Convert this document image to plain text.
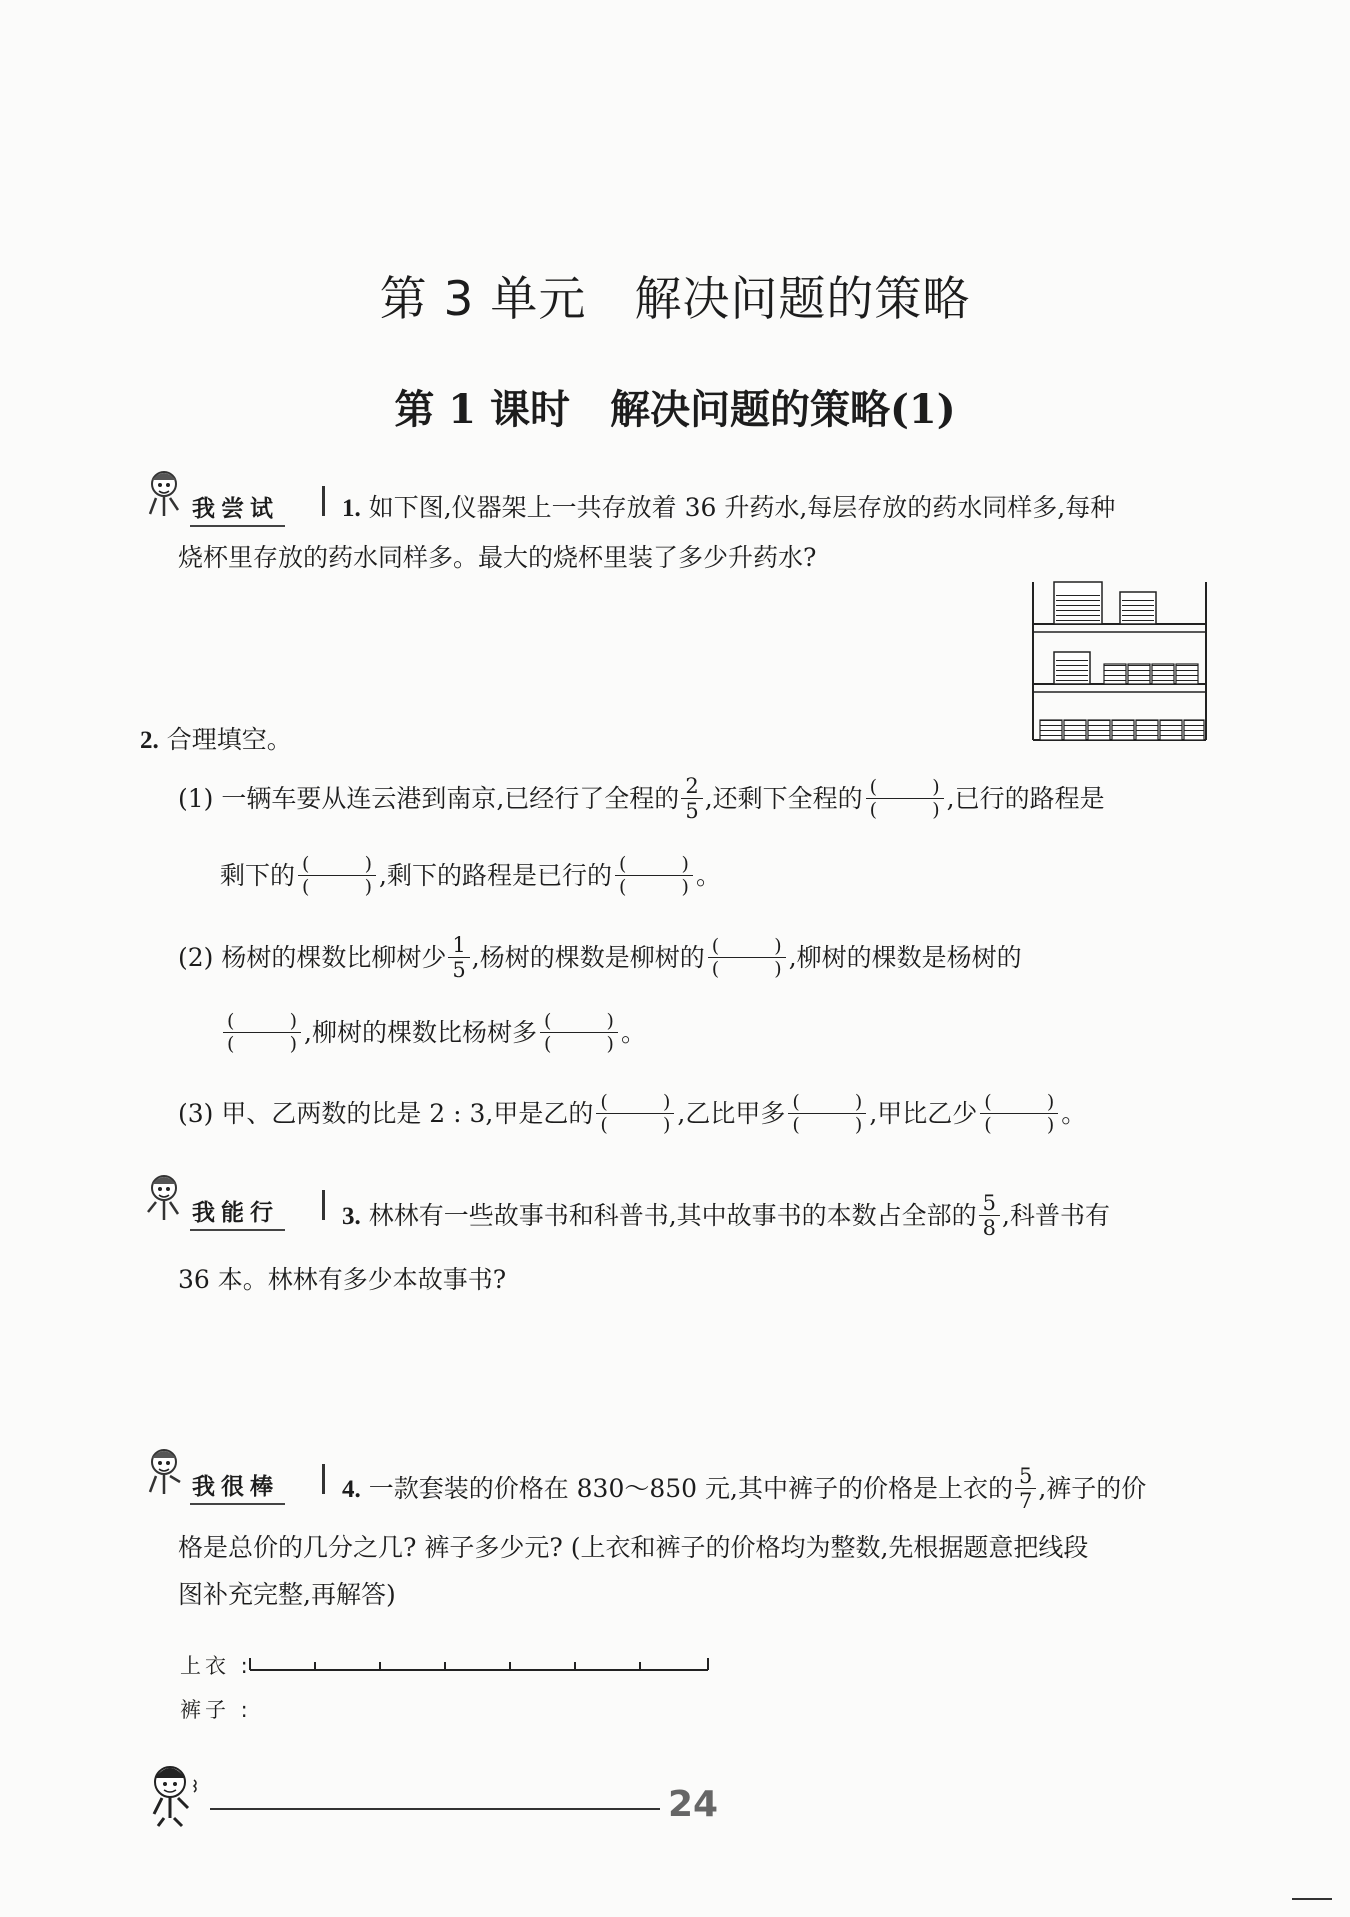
第 3 单元　解决问题的策略
第 1 课时　解决问题的策略(1)
我尝试	1. 如下图,仪器架上一共存放着 36 升药水,每层存放的药水同样多,每种
烧杯里存放的药水同样多。最大的烧杯里装了多少升药水?
2. 合理填空。
(1) 一辆车要从连云港到南京,已经行了全程的 $\frac{2}{5}$ ,还剩下全程的 (	)
(	) ,已行的路程是
剩下的 (	)
(	) ,剩下的路程是已行的 (	)
(	) 。
(2) 杨树的棵数比柳树少 $\frac{1}{5}$ ,杨树的棵数是柳树的 (	)
(	) ,柳树的棵数是杨树的
(	)
(	) ,柳树的棵数比杨树多 (	)
(	) 。
(3) 甲、乙两数的比是 2 : 3,甲是乙的 (	)
(	) ,乙比甲多 (	)
(	) ,甲比乙少 (	)
(	) 。
我能行	3. 林林有一些故事书和科普书,其中故事书的本数占全部的 $\frac{5}{8}$ ,科普书有
36 本。林林有多少本故事书?
我很棒	4. 一款套装的价格在 830～850 元,其中裤子的价格是上衣的 $\frac{5}{7}$ ,裤子的价
格是总价的几分之几? 裤子多少元? (上衣和裤子的价格均为整数,先根据题意把线段
图补充完整,再解答)
上衣 :
裤子 :
24
